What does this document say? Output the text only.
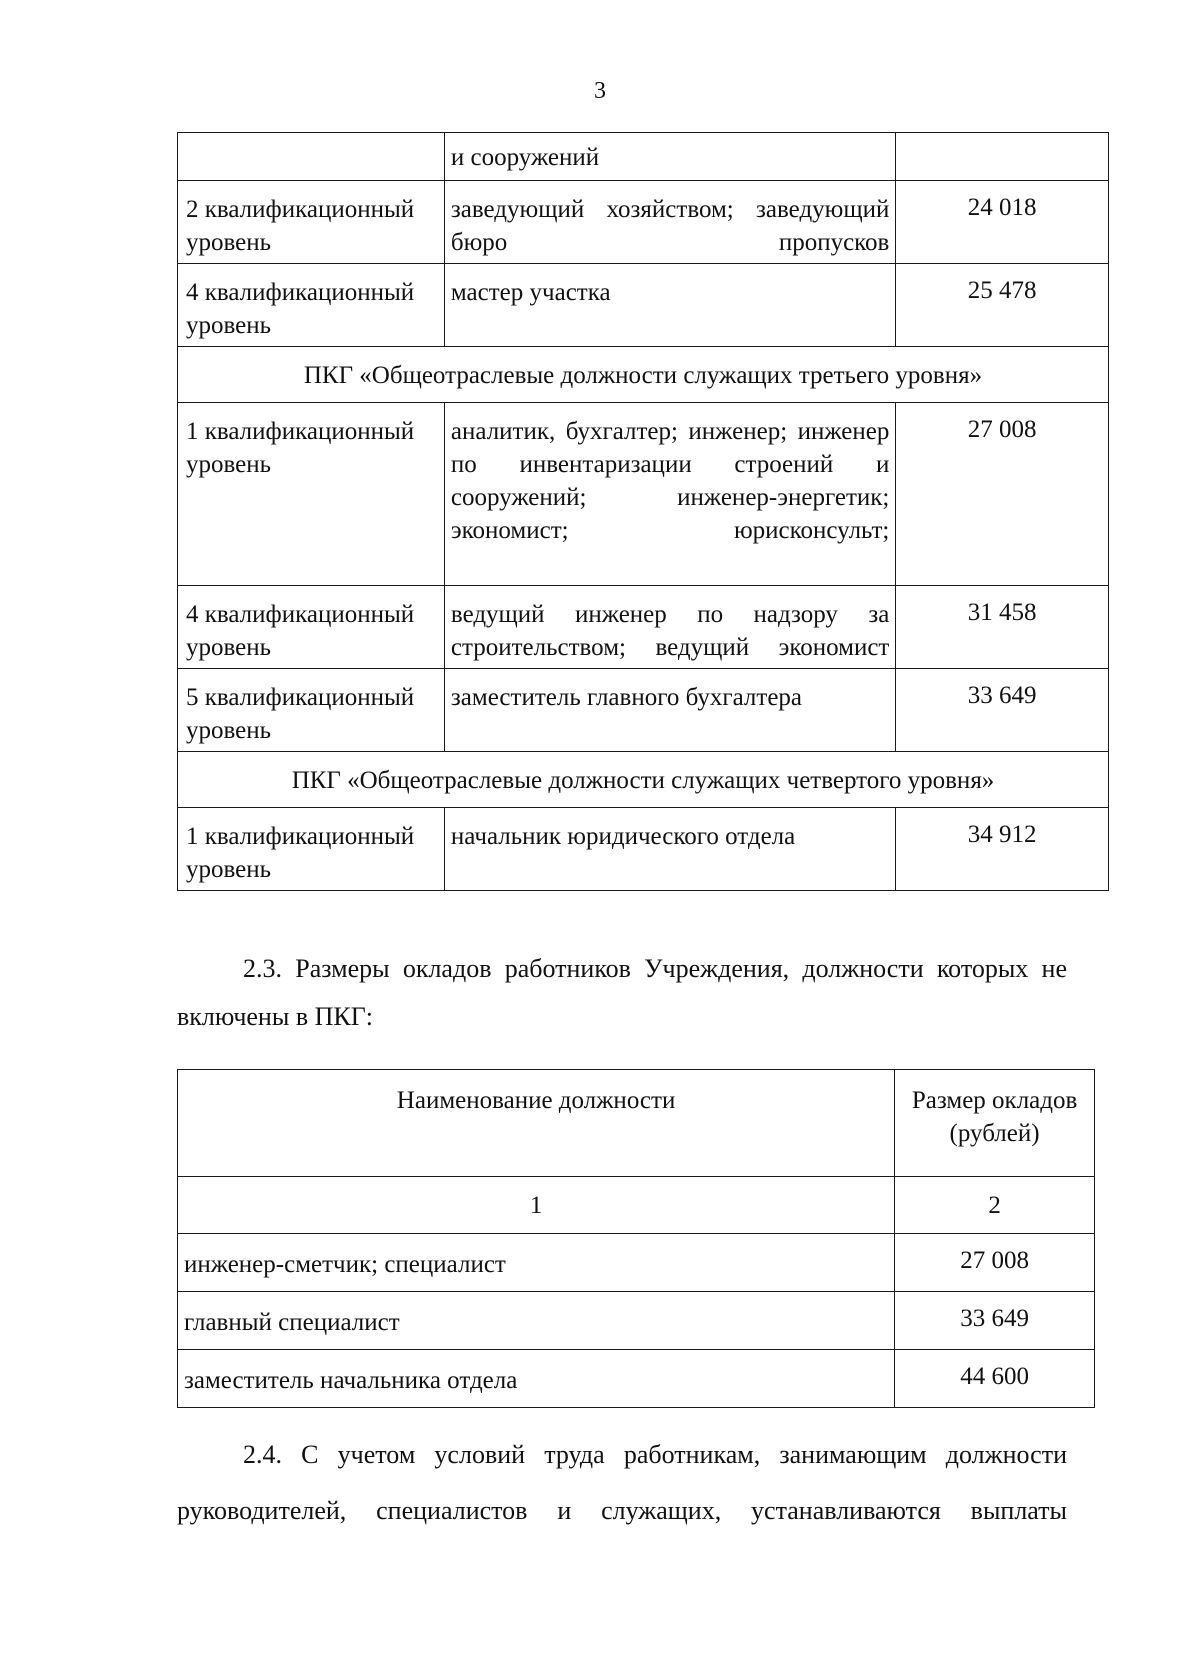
3
	и сооружений	
2 квалификационный уровень	заведующий хозяйством; заведующий бюро пропусков	24 018
4 квалификационный уровень	мастер участка	25 478
ПКГ «Общеотраслевые должности служащих третьего уровня»		
1 квалификационный уровень	аналитик, бухгалтер; инженер; инженер по инвентаризации строений и сооружений; инженер-энергетик; экономист; юрисконсульт;	27 008
4 квалификационный уровень	ведущий инженер по надзору за строительством; ведущий экономист	31 458
5 квалификационный уровень	заместитель главного бухгалтера	33 649
ПКГ «Общеотраслевые должности служащих четвертого уровня»		
1 квалификационный уровень	начальник юридического отдела	34 912
2.3. Размеры окладов работников Учреждения, должности которых не включены в ПКГ:
Наименование должности	Размер окладов (рублей)
1	2
инженер-сметчик; специалист	27 008
главный специалист	33 649
заместитель начальника отдела	44 600
2.4. С учетом условий труда работникам, занимающим должности руководителей, специалистов и служащих, устанавливаются выплаты
